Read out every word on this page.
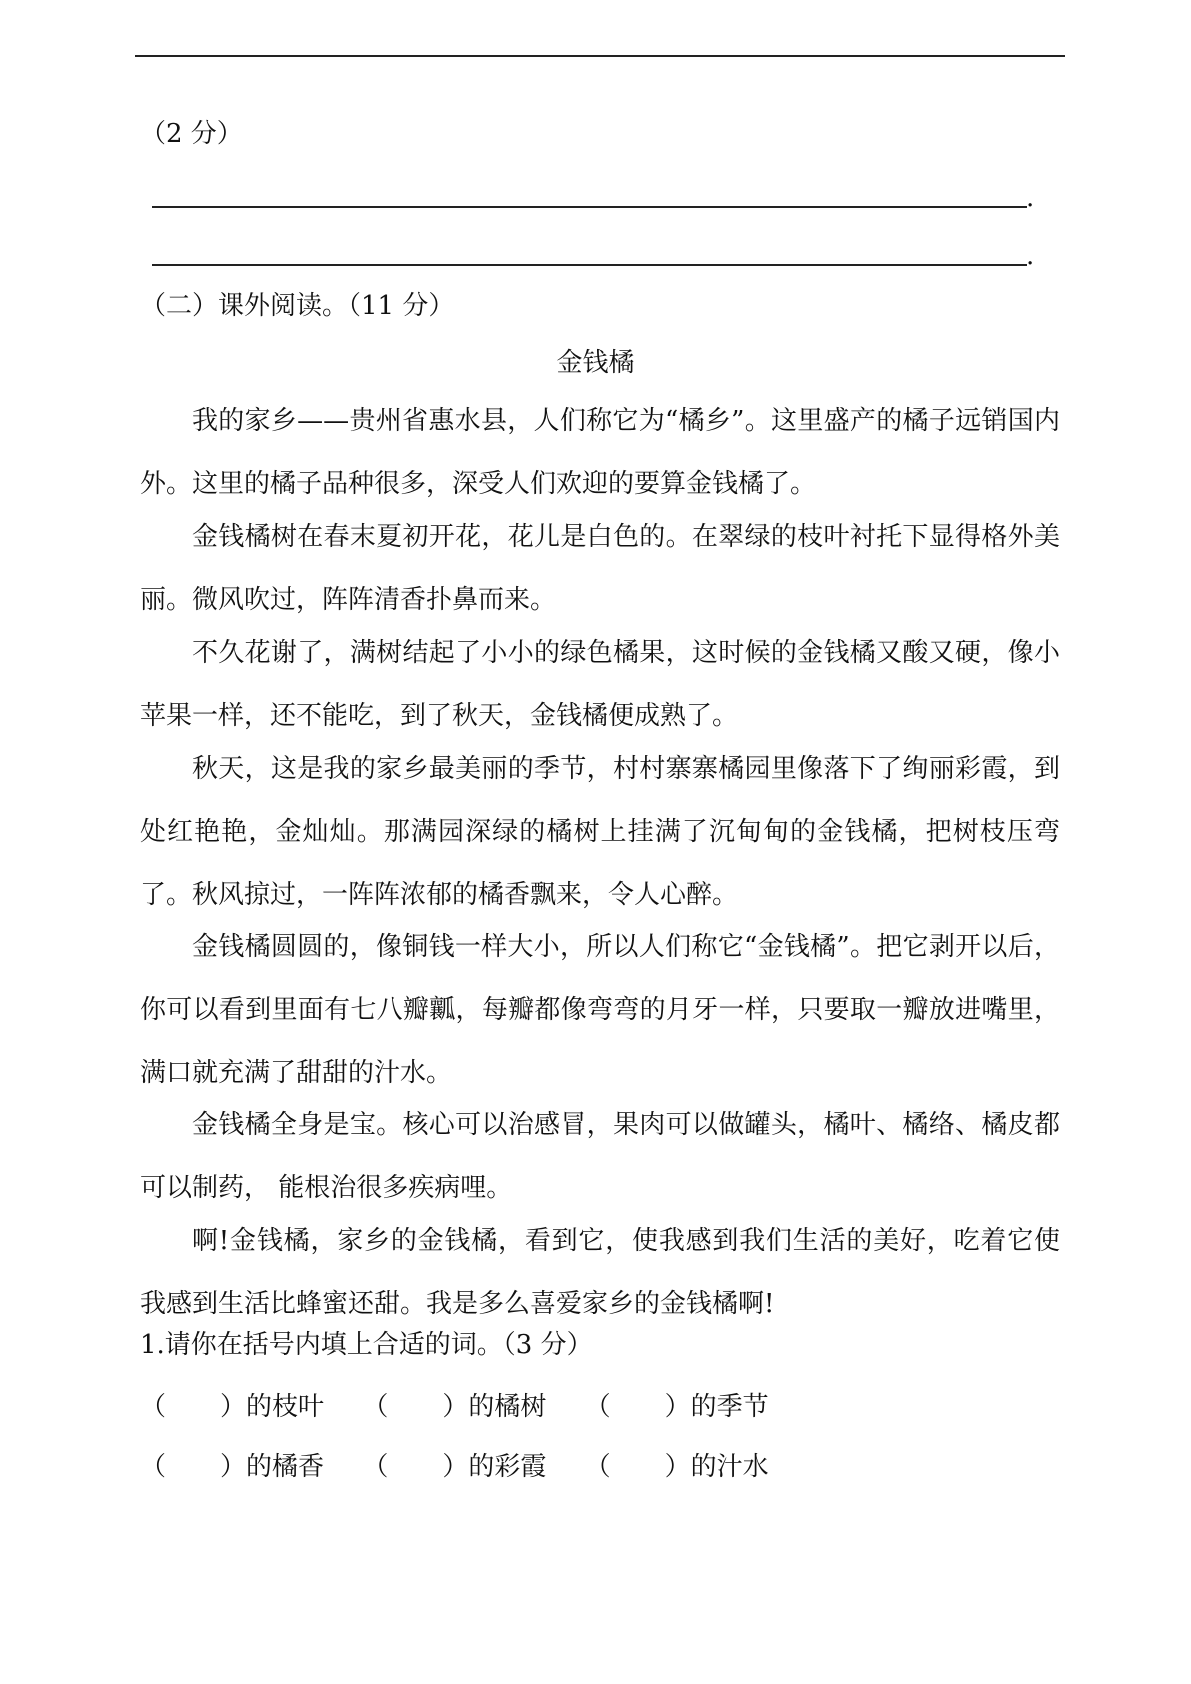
（2 分）
.
.
（二）课外阅读。（11 分）
金钱橘
我的家乡——贵州省惠水县，人们称它为“橘乡”。这里盛产的橘子远销国内外。这里的橘子品种很多，深受人们欢迎的要算金钱橘了。
金钱橘树在春末夏初开花，花儿是白色的。在翠绿的枝叶衬托下显得格外美丽。微风吹过，阵阵清香扑鼻而来。
不久花谢了，满树结起了小小的绿色橘果，这时候的金钱橘又酸又硬，像小苹果一样，还不能吃，到了秋天，金钱橘便成熟了。
秋天，这是我的家乡最美丽的季节，村村寨寨橘园里像落下了绚丽彩霞，到处红艳艳，金灿灿。那满园深绿的橘树上挂满了沉甸甸的金钱橘，把树枝压弯了。秋风掠过，一阵阵浓郁的橘香飘来，令人心醉。
金钱橘圆圆的，像铜钱一样大小，所以人们称它“金钱橘”。把它剥开以后，你可以看到里面有七八瓣瓤，每瓣都像弯弯的月牙一样，只要取一瓣放进嘴里，满口就充满了甜甜的汁水。
金钱橘全身是宝。核心可以治感冒，果肉可以做罐头，橘叶、橘络、橘皮都可以制药， 能根治很多疾病哩。
啊!金钱橘，家乡的金钱橘，看到它，使我感到我们生活的美好，吃着它使我感到生活比蜂蜜还甜。我是多么喜爱家乡的金钱橘啊!
1.请你在括号内填上合适的词。（3 分）
（ ）的枝叶 （ ）的橘树 （ ）的季节
（ ）的橘香 （ ）的彩霞 （ ）的汁水
